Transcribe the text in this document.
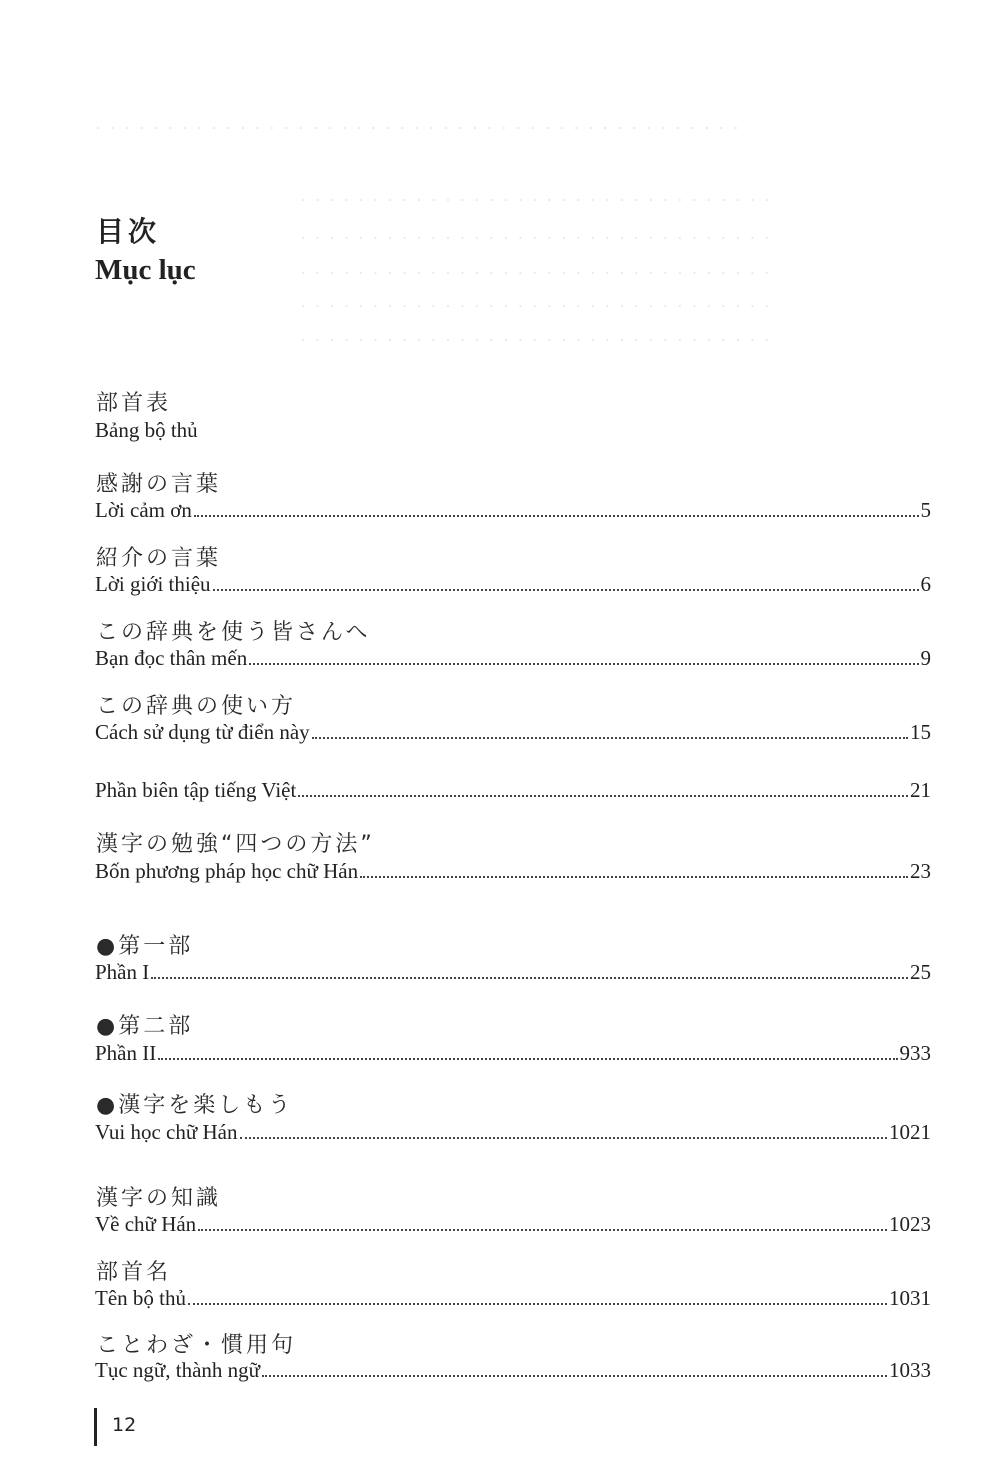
· · · · · · · · · · · · · · · · · · · · · · · · · · · · · · · · · · · · · · · · · · · · ·
· · · · · · · · · · · · · · · · · · · · · · · · · · · · · · · · ·
· · · · · · · · · · · · · · · · · · · · · · · · · · · · · · · · ·
· · · · · · · · · · · · · · · · · · · · · · · · · · · · · · · · ·
· · · · · · · · · · · · · · · · · · · · · · · · · · · · · · · · ·
· · · · · · · · · · · · · · · · · · · · · · · · · · · · · · · · ·
目次
Mục lục
部首表
Bảng bộ thủ
感謝の言葉
Lời cảm ơn	5
紹介の言葉
Lời giới thiệu	6
この辞典を使う皆さんへ
Bạn đọc thân mến	9
この辞典の使い方
Cách sử dụng từ điển này	15
Phần biên tập tiếng Việt	21
漢字の勉強“四つの方法”
Bốn phương pháp học chữ Hán	23
●第一部
Phần I	25
●第二部
Phần II	933
●漢字を楽しもう
Vui học chữ Hán	1021
漢字の知識
Về chữ Hán	1023
部首名
Tên bộ thủ	1031
ことわざ・慣用句
Tục ngữ, thành ngữ	1033
12
